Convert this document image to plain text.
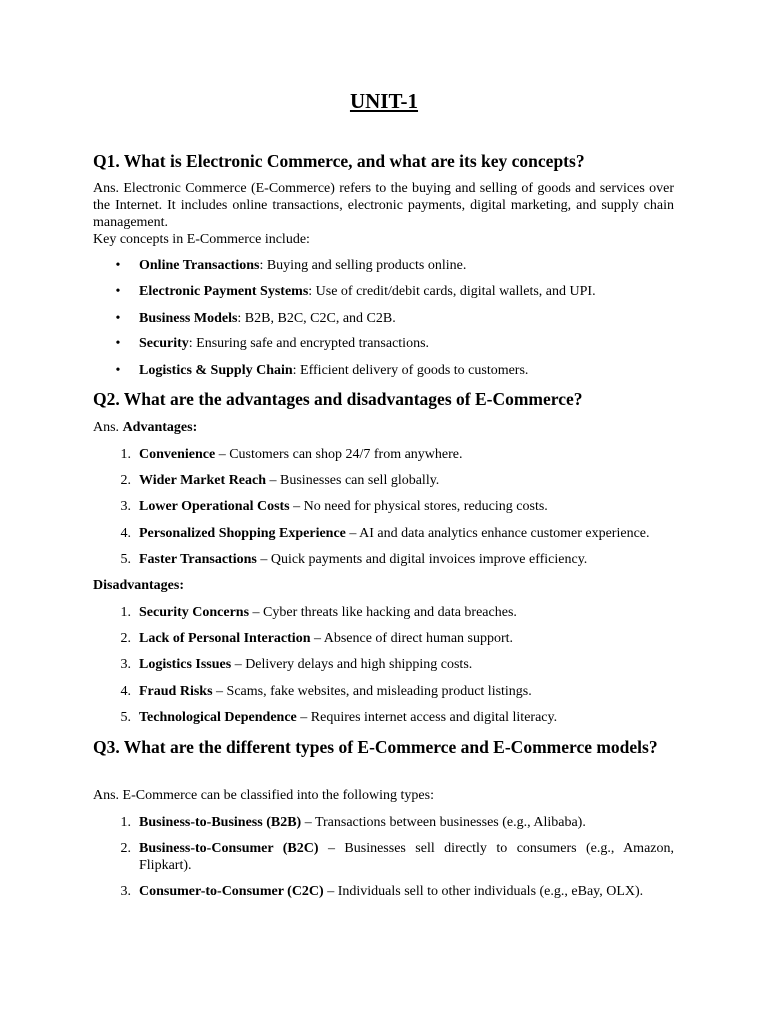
UNIT-1

Q1. What is Electronic Commerce, and what are its key concepts?

Ans. Electronic Commerce (E-Commerce) refers to the buying and selling of goods and services over the Internet. It includes online transactions, electronic payments, digital marketing, and supply chain management.

Key concepts in E-Commerce include:

• Online Transactions: Buying and selling products online.

• Electronic Payment Systems: Use of credit/debit cards, digital wallets, and UPI.

• Business Models: B2B, B2C, C2C, and C2B.

• Security: Ensuring safe and encrypted transactions.

• Logistics & Supply Chain: Efficient delivery of goods to customers.

Q2. What are the advantages and disadvantages of E-Commerce?

Ans. Advantages:

1. Convenience – Customers can shop 24/7 from anywhere.

2. Wider Market Reach – Businesses can sell globally.

3. Lower Operational Costs – No need for physical stores, reducing costs.

4. Personalized Shopping Experience – AI and data analytics enhance customer experience.

5. Faster Transactions – Quick payments and digital invoices improve efficiency.

Disadvantages:

1. Security Concerns – Cyber threats like hacking and data breaches.

2. Lack of Personal Interaction – Absence of direct human support.

3. Logistics Issues – Delivery delays and high shipping costs.

4. Fraud Risks – Scams, fake websites, and misleading product listings.

5. Technological Dependence – Requires internet access and digital literacy.

Q3. What are the different types of E-Commerce and E-Commerce models?

Ans. E-Commerce can be classified into the following types:

1. Business-to-Business (B2B) – Transactions between businesses (e.g., Alibaba).

2. Business-to-Consumer (B2C) – Businesses sell directly to consumers (e.g., Amazon, Flipkart).

3. Consumer-to-Consumer (C2C) – Individuals sell to other individuals (e.g., eBay, OLX).
